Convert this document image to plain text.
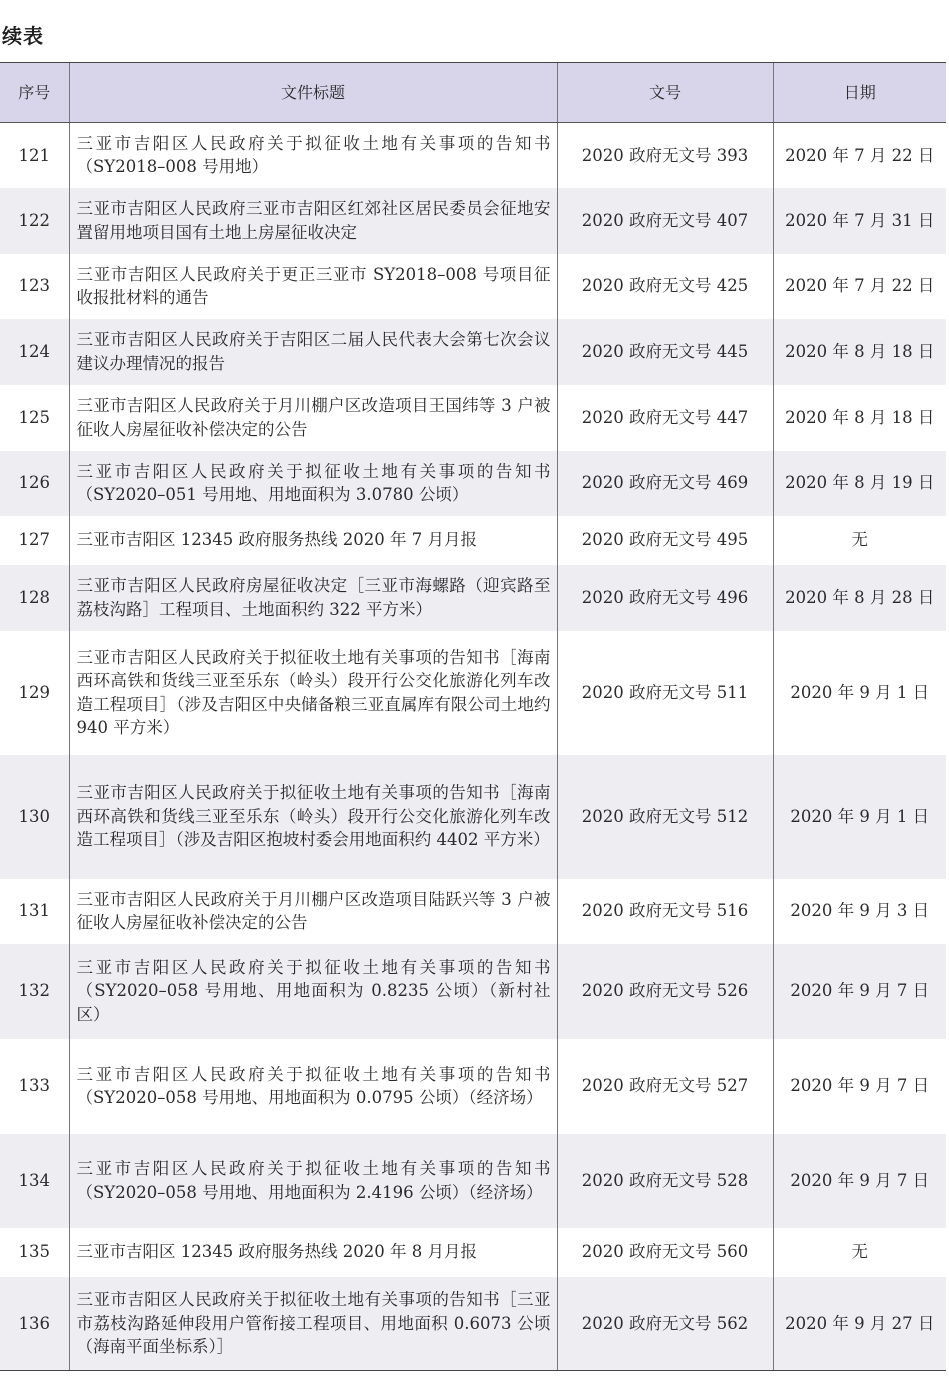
续表
序号	文件标题	文号	日期
121	三亚市吉阳区人民政府关于拟征收土地有关事项的告知书（SY2018–008 号用地）	2020 政府无文号 393	2020 年 7 月 22 日
122	三亚市吉阳区人民政府三亚市吉阳区红郊社区居民委员会征地安置留用地项目国有土地上房屋征收决定	2020 政府无文号 407	2020 年 7 月 31 日
123	三亚市吉阳区人民政府关于更正三亚市 SY2018–008 号项目征收报批材料的通告	2020 政府无文号 425	2020 年 7 月 22 日
124	三亚市吉阳区人民政府关于吉阳区二届人民代表大会第七次会议建议办理情况的报告	2020 政府无文号 445	2020 年 8 月 18 日
125	三亚市吉阳区人民政府关于月川棚户区改造项目王国纬等 3 户被征收人房屋征收补偿决定的公告	2020 政府无文号 447	2020 年 8 月 18 日
126	三亚市吉阳区人民政府关于拟征收土地有关事项的告知书（SY2020–051 号用地、用地面积为 3.0780 公顷）	2020 政府无文号 469	2020 年 8 月 19 日
127	三亚市吉阳区 12345 政府服务热线 2020 年 7 月月报	2020 政府无文号 495	无
128	三亚市吉阳区人民政府房屋征收决定［三亚市海螺路（迎宾路至荔枝沟路］工程项目、土地面积约 322 平方米）	2020 政府无文号 496	2020 年 8 月 28 日
129	三亚市吉阳区人民政府关于拟征收土地有关事项的告知书［海南西环高铁和货线三亚至乐东（岭头）段开行公交化旅游化列车改造工程项目］（涉及吉阳区中央储备粮三亚直属库有限公司土地约 940 平方米）	2020 政府无文号 511	2020 年 9 月 1 日
130	三亚市吉阳区人民政府关于拟征收土地有关事项的告知书［海南西环高铁和货线三亚至乐东（岭头）段开行公交化旅游化列车改造工程项目］（涉及吉阳区抱坡村委会用地面积约 4402 平方米）	2020 政府无文号 512	2020 年 9 月 1 日
131	三亚市吉阳区人民政府关于月川棚户区改造项目陆跃兴等 3 户被征收人房屋征收补偿决定的公告	2020 政府无文号 516	2020 年 9 月 3 日
132	三亚市吉阳区人民政府关于拟征收土地有关事项的告知书（SY2020–058 号用地、用地面积为 0.8235 公顷）（新村社区）	2020 政府无文号 526	2020 年 9 月 7 日
133	三亚市吉阳区人民政府关于拟征收土地有关事项的告知书（SY2020–058 号用地、用地面积为 0.0795 公顷）（经济场）	2020 政府无文号 527	2020 年 9 月 7 日
134	三亚市吉阳区人民政府关于拟征收土地有关事项的告知书（SY2020–058 号用地、用地面积为 2.4196 公顷）（经济场）	2020 政府无文号 528	2020 年 9 月 7 日
135	三亚市吉阳区 12345 政府服务热线 2020 年 8 月月报	2020 政府无文号 560	无
136	三亚市吉阳区人民政府关于拟征收土地有关事项的告知书［三亚市荔枝沟路延伸段用户管衔接工程项目、用地面积 0.6073 公顷（海南平面坐标系）］	2020 政府无文号 562	2020 年 9 月 27 日
